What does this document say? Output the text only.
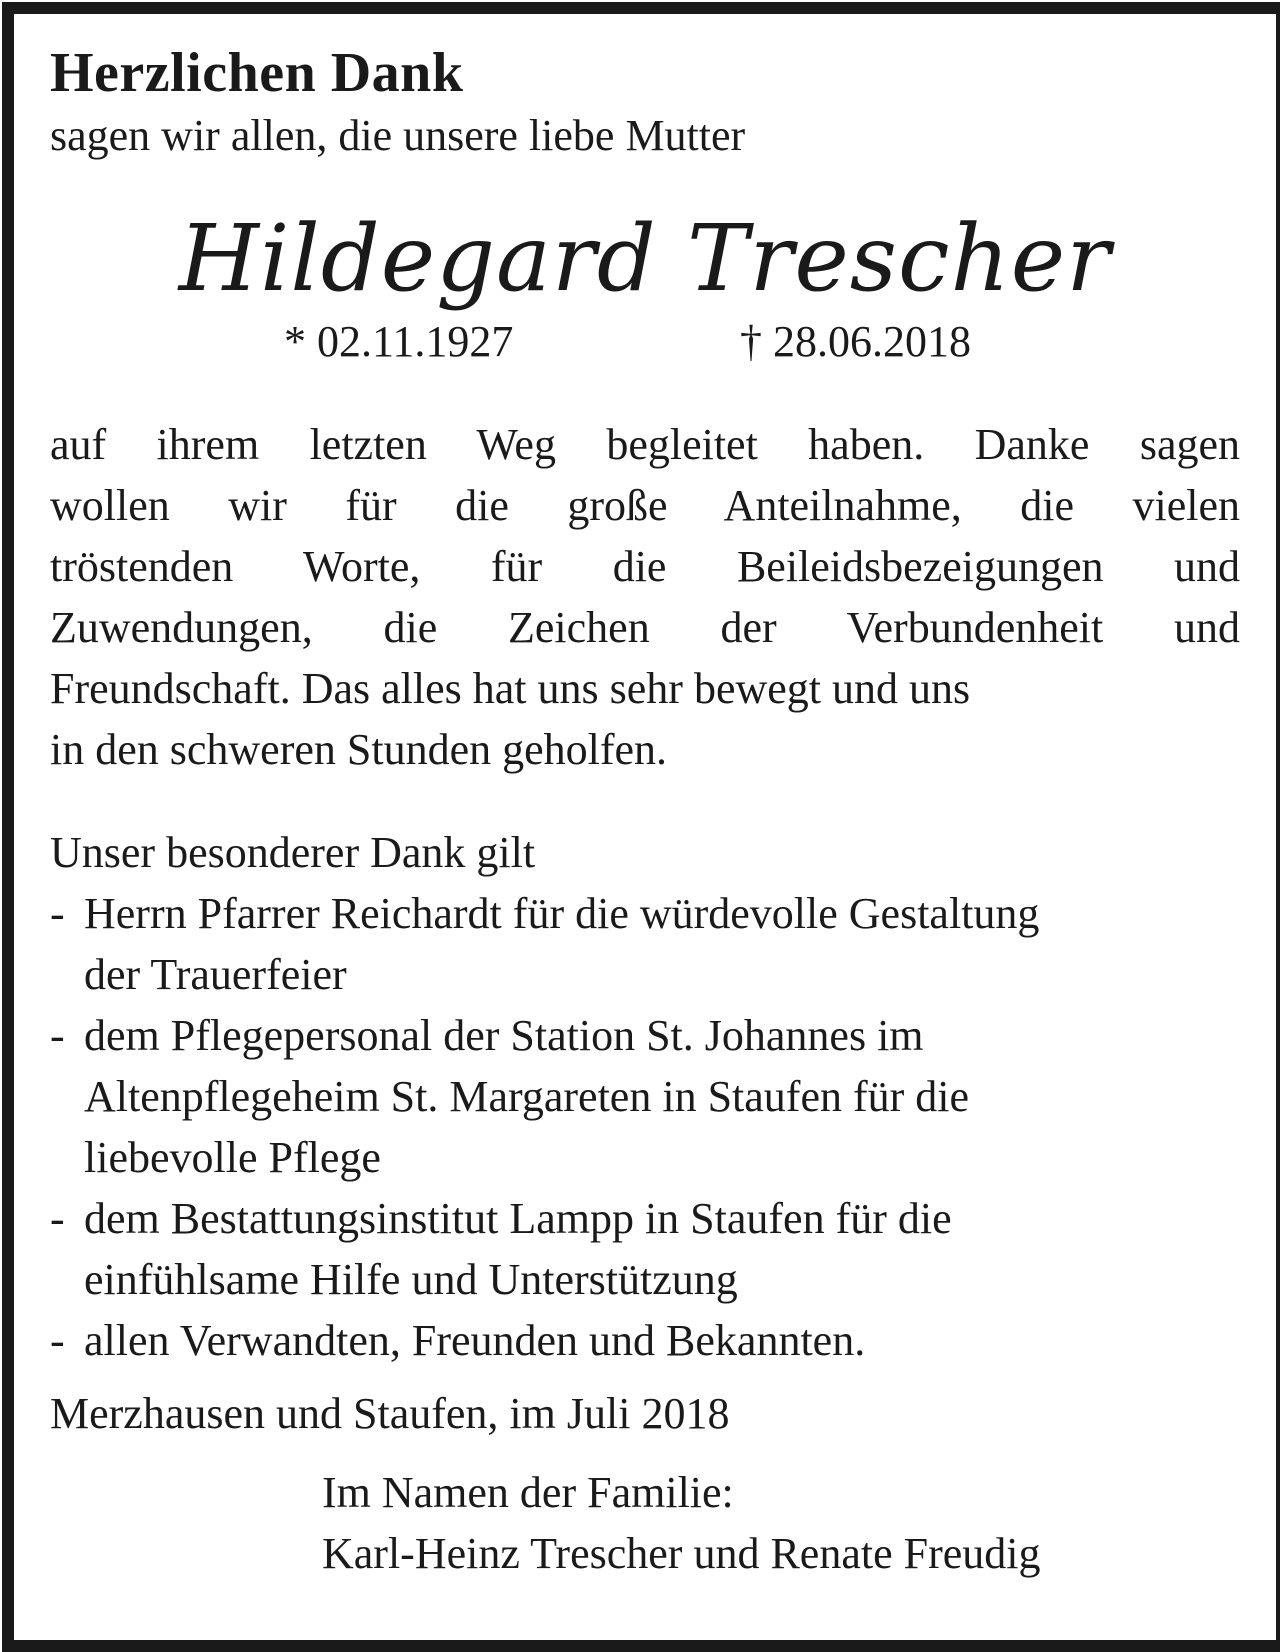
Herzlichen Dank

sagen wir allen, die unsere liebe Mutter

Hildegard Trescher
* 02.11.1927	† 28.06.2018
auf ihrem letzten Weg begleitet haben. Danke sagen
wollen wir für die große Anteilnahme, die vielen
tröstenden Worte, für die Beileidsbezeigungen und
Zuwendungen, die Zeichen der Verbundenheit und
Freundschaft. Das alles hat uns sehr bewegt und uns
in den schweren Stunden geholfen.

Unser besonderer Dank gilt

- Herrn Pfarrer Reichardt für die würdevolle Gestaltung
der Trauerfeier
- dem Pflegepersonal der Station St. Johannes im
Altenpflegeheim St. Margareten in Staufen für die
liebevolle Pflege
- dem Bestattungsinstitut Lampp in Staufen für die
einfühlsame Hilfe und Unterstützung
- allen Verwandten, Freunden und Bekannten.

Merzhausen und Staufen, im Juli 2018

Im Namen der Familie:
Karl-Heinz Trescher und Renate Freudig
